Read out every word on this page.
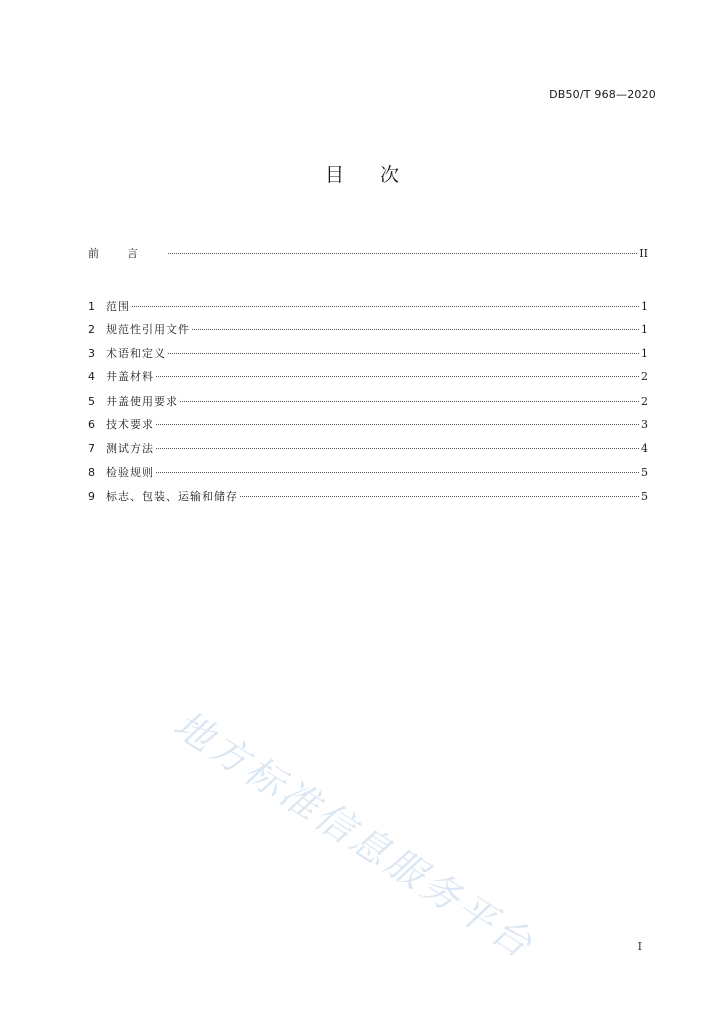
DB50/T 968—2020
目次
前言	II
1	范围	1
2	规范性引用文件	1
3	术语和定义	1
4	井盖材料	2
5	井盖使用要求	2
6	技术要求	3
7	测试方法	4
8	检验规则	5
9	标志、包装、运输和储存	5
地方标准信息服务平台	I
